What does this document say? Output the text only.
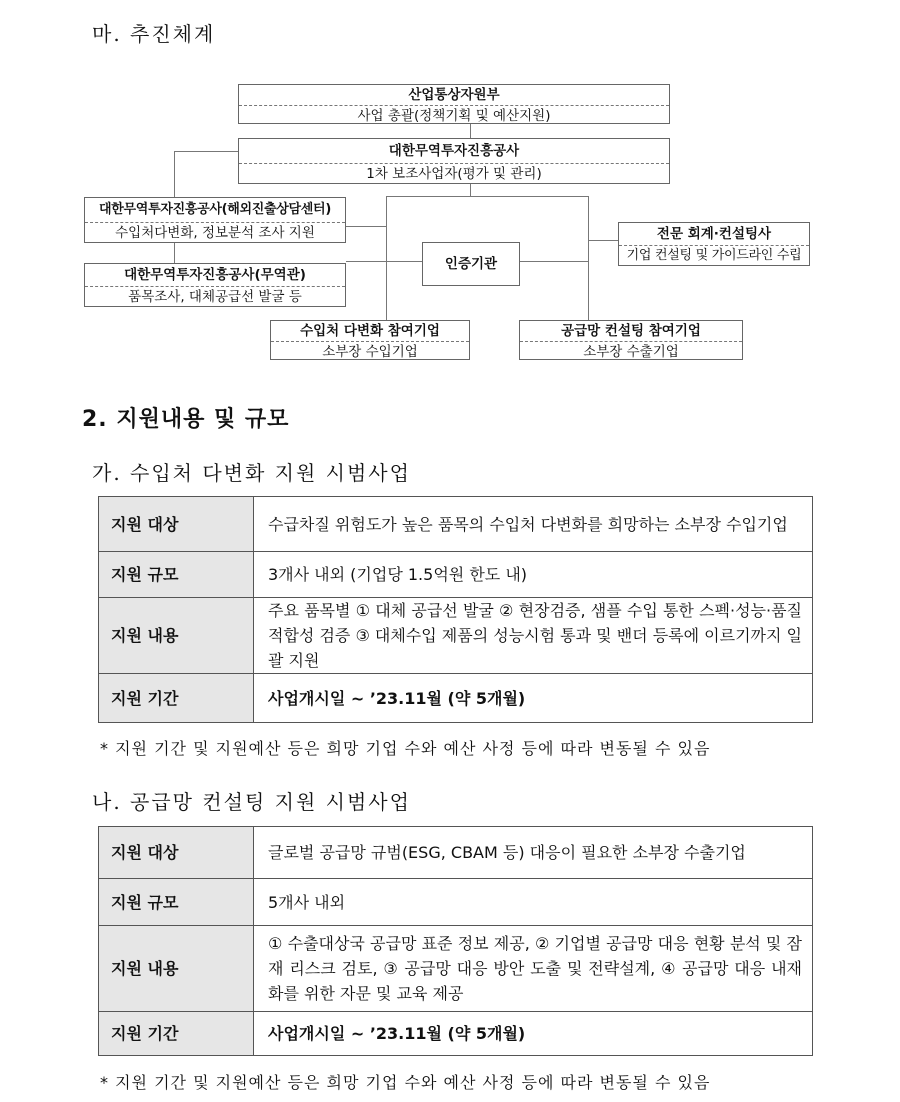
마. 추진체계
산업통상자원부
사업 총괄(정책기획 및 예산지원)
대한무역투자진흥공사
1차 보조사업자(평가 및 관리)
대한무역투자진흥공사(해외진출상담센터)
수입처다변화, 정보분석 조사 지원
대한무역투자진흥공사(무역관)
품목조사, 대체공급선 발굴 등
인증기관
전문 회계·컨설팅사
기업 컨설팅 및 가이드라인 수립
수입처 다변화 참여기업
소부장 수입기업
공급망 컨설팅 참여기업
소부장 수출기업
2. 지원내용 및 규모
가. 수입처 다변화 지원 시범사업
지원 대상	수급차질 위험도가 높은 품목의 수입처 다변화를 희망하는 소부장 수입기업
지원 규모	3개사 내외 (기업당 1.5억원 한도 내)
지원 내용	주요 품목별 ① 대체 공급선 발굴 ② 현장검증, 샘플 수입 통한 스펙·성능·품질 적합성 검증 ③ 대체수입 제품의 성능시험 통과 및 밴더 등록에 이르기까지 일괄 지원
지원 기간	사업개시일 ~ ’23.11월 (약 5개월)
* 지원 기간 및 지원예산 등은 희망 기업 수와 예산 사정 등에 따라 변동될 수 있음
나. 공급망 컨설팅 지원 시범사업
지원 대상	글로벌 공급망 규범(ESG, CBAM 등) 대응이 필요한 소부장 수출기업
지원 규모	5개사 내외
지원 내용	① 수출대상국 공급망 표준 정보 제공, ② 기업별 공급망 대응 현황 분석 및 잠재 리스크 검토, ③ 공급망 대응 방안 도출 및 전략설계, ④ 공급망 대응 내재화를 위한 자문 및 교육 제공
지원 기간	사업개시일 ~ ’23.11월 (약 5개월)
* 지원 기간 및 지원예산 등은 희망 기업 수와 예산 사정 등에 따라 변동될 수 있음
